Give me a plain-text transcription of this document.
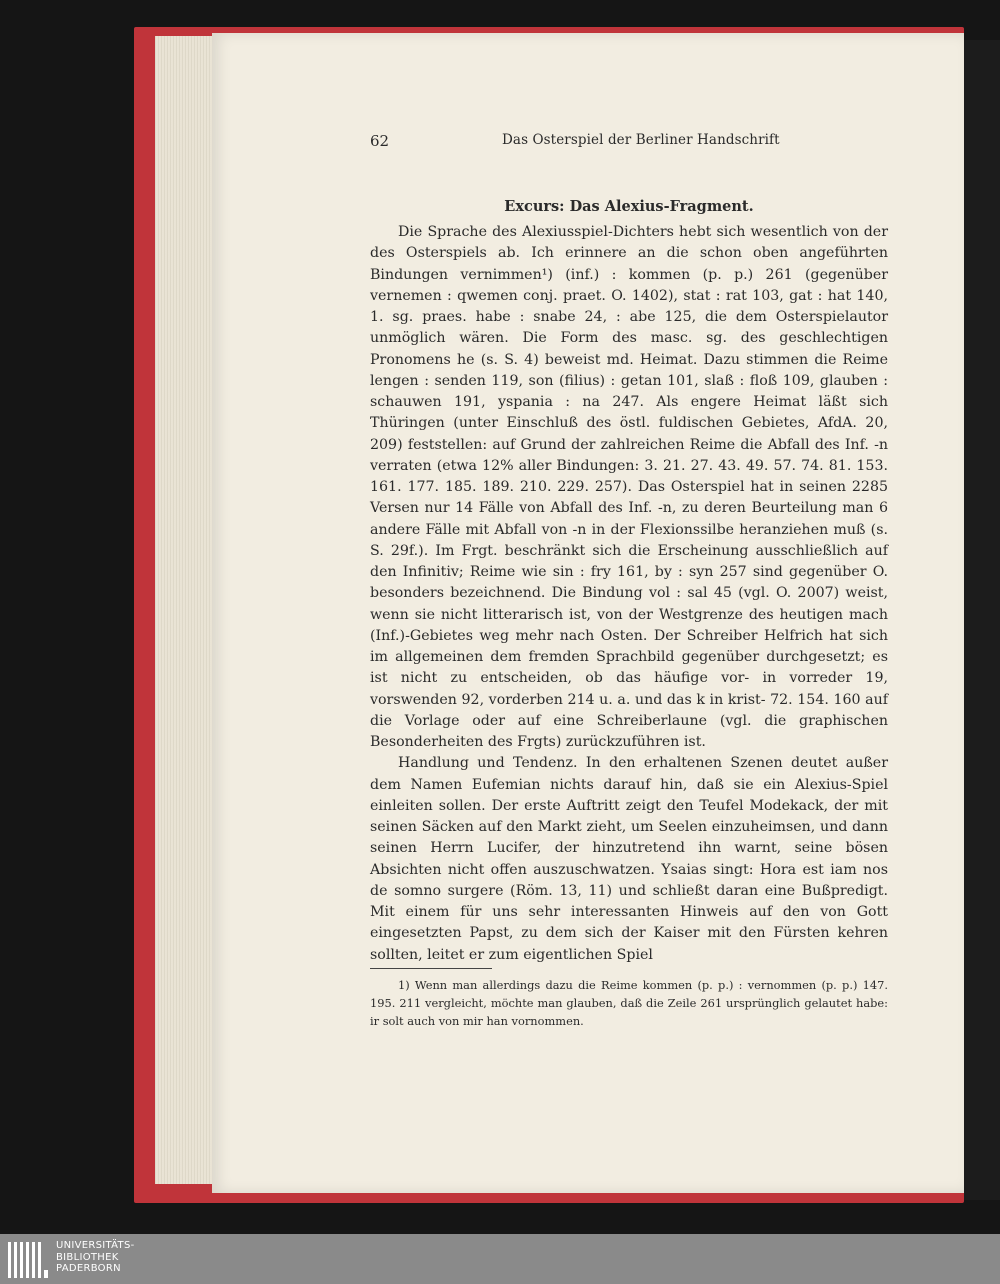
62	Das Osterspiel der Berliner Handschrift
Excurs: Das Alexius-Fragment.

Die Sprache des Alexiusspiel-Dichters hebt sich wesentlich von der des Osterspiels ab. Ich erinnere an die schon oben angeführten Bindungen vernimmen¹) (inf.) : kommen (p. p.) 261 (gegenüber vernemen : qwemen conj. praet. O. 1402), stat : rat 103, gat : hat 140, 1. sg. praes. habe : snabe 24, : abe 125, die dem Osterspielautor unmöglich wären. Die Form des masc. sg. des geschlechtigen Pronomens he (s. S. 4) beweist md. Heimat. Dazu stimmen die Reime lengen : senden 119, son (filius) : getan 101, slaß : floß 109, glauben : schauwen 191, yspania : na 247. Als engere Heimat läßt sich Thüringen (unter Einschluß des östl. fuldischen Gebietes, AfdA. 20, 209) feststellen: auf Grund der zahlreichen Reime die Abfall des Inf. -n verraten (etwa 12% aller Bindungen: 3. 21. 27. 43. 49. 57. 74. 81. 153. 161. 177. 185. 189. 210. 229. 257). Das Osterspiel hat in seinen 2285 Versen nur 14 Fälle von Abfall des Inf. -n, zu deren Beurteilung man 6 andere Fälle mit Abfall von -n in der Flexionssilbe heranziehen muß (s. S. 29f.). Im Frgt. beschränkt sich die Erscheinung ausschließlich auf den Infinitiv; Reime wie sin : fry 161, by : syn 257 sind gegenüber O. besonders bezeichnend. Die Bindung vol : sal 45 (vgl. O. 2007) weist, wenn sie nicht litterarisch ist, von der Westgrenze des heutigen mach (Inf.)-Gebietes weg mehr nach Osten. Der Schreiber Helfrich hat sich im allgemeinen dem fremden Sprachbild gegenüber durchgesetzt; es ist nicht zu entscheiden, ob das häufige vor- in vorreder 19, vorswenden 92, vorderben 214 u. a. und das k in krist- 72. 154. 160 auf die Vorlage oder auf eine Schreiberlaune (vgl. die graphischen Besonderheiten des Frgts) zurückzuführen ist.

Handlung und Tendenz. In den erhaltenen Szenen deutet außer dem Namen Eufemian nichts darauf hin, daß sie ein Alexius-Spiel einleiten sollen. Der erste Auftritt zeigt den Teufel Modekack, der mit seinen Säcken auf den Markt zieht, um Seelen einzuheimsen, und dann seinen Herrn Lucifer, der hinzutretend ihn warnt, seine bösen Absichten nicht offen auszuschwatzen. Ysaias singt: Hora est iam nos de somno surgere (Röm. 13, 11) und schließt daran eine Bußpredigt. Mit einem für uns sehr interessanten Hinweis auf den von Gott eingesetzten Papst, zu dem sich der Kaiser mit den Fürsten kehren sollten, leitet er zum eigentlichen Spiel

1) Wenn man allerdings dazu die Reime kommen (p. p.) : vernommen (p. p.) 147. 195. 211 vergleicht, möchte man glauben, daß die Zeile 261 ursprünglich gelautet habe: ir solt auch von mir han vornommen.

UNIVERSITÄTS-
BIBLIOTHEK
PADERBORN
